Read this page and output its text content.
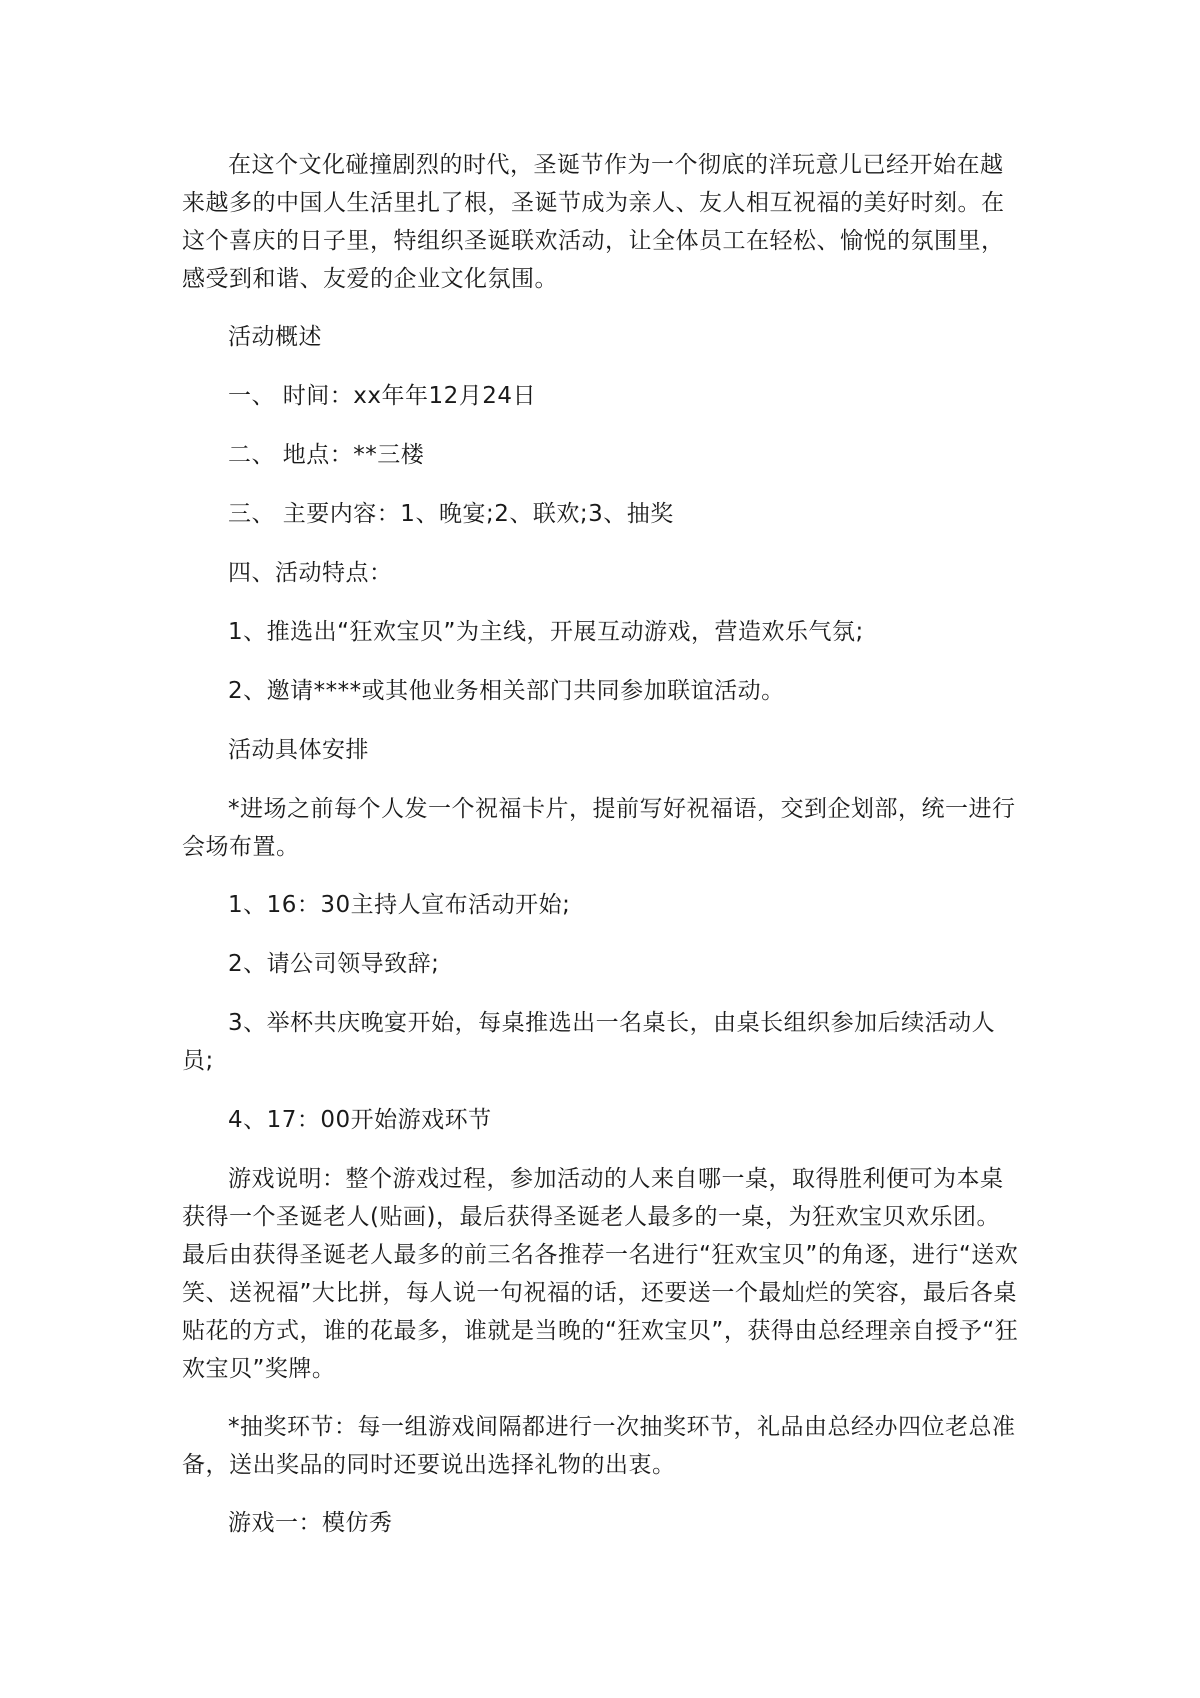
在这个文化碰撞剧烈的时代，圣诞节作为一个彻底的洋玩意儿已经开始在越来越多的中国人生活里扎了根，圣诞节成为亲人、友人相互祝福的美好时刻。在这个喜庆的日子里，特组织圣诞联欢活动，让全体员工在轻松、愉悦的氛围里，感受到和谐、友爱的企业文化氛围。

活动概述

一、 时间：xx年年12月24日

二、 地点：**三楼

三、 主要内容：1、晚宴;2、联欢;3、抽奖

四、活动特点：

1、推选出“狂欢宝贝”为主线，开展互动游戏，营造欢乐气氛;

2、邀请****或其他业务相关部门共同参加联谊活动。

活动具体安排

*进场之前每个人发一个祝福卡片，提前写好祝福语，交到企划部，统一进行会场布置。

1、16：30主持人宣布活动开始;

2、请公司领导致辞;

3、举杯共庆晚宴开始，每桌推选出一名桌长，由桌长组织参加后续活动人员;

4、17：00开始游戏环节

游戏说明：整个游戏过程，参加活动的人来自哪一桌，取得胜利便可为本桌获得一个圣诞老人(贴画)，最后获得圣诞老人最多的一桌，为狂欢宝贝欢乐团。最后由获得圣诞老人最多的前三名各推荐一名进行“狂欢宝贝”的角逐，进行“送欢笑、送祝福”大比拼，每人说一句祝福的话，还要送一个最灿烂的笑容，最后各桌贴花的方式，谁的花最多，谁就是当晚的“狂欢宝贝”，获得由总经理亲自授予“狂欢宝贝”奖牌。

*抽奖环节：每一组游戏间隔都进行一次抽奖环节，礼品由总经办四位老总准备，送出奖品的同时还要说出选择礼物的出衷。

游戏一：模仿秀
